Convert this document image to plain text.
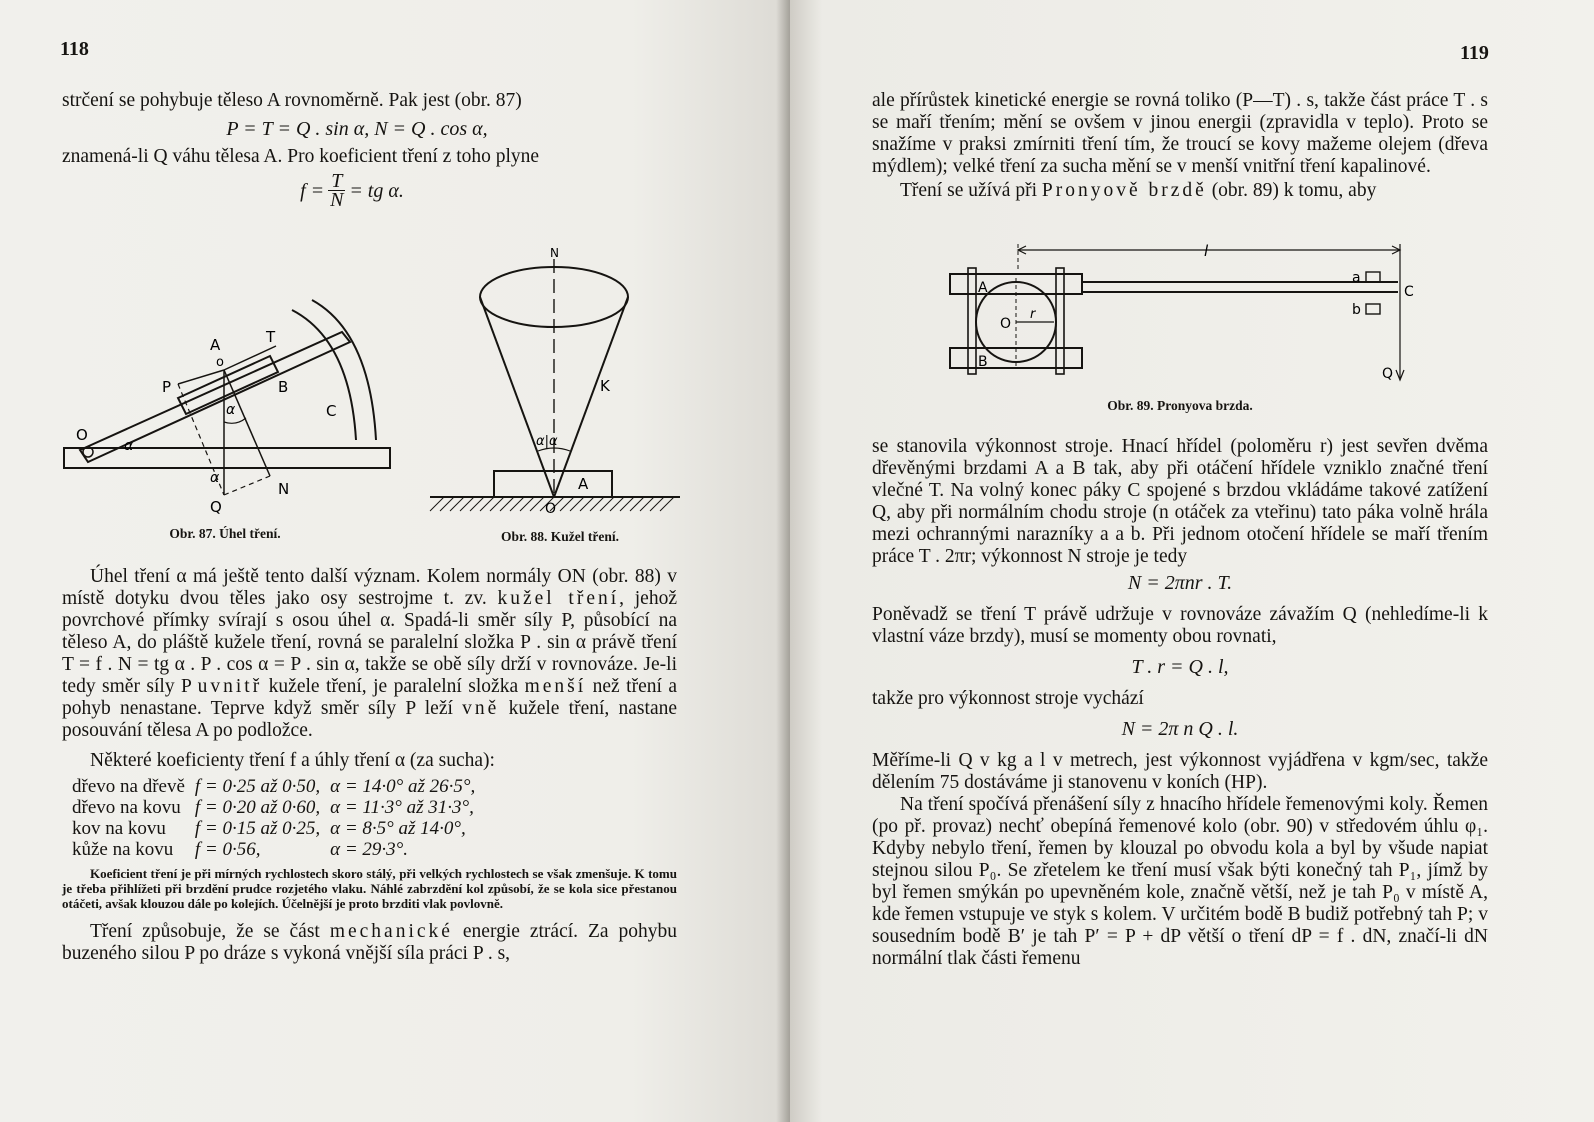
118

strčení se pohybuje těleso A rovnoměrně. Pak jest (obr. 87)

P = T = Q . sin α, N = Q . cos α,

znamená-li Q váhu tělesa A. Pro koeficient tření z toho plyne

$f = \frac{T}{N}$ = tg α.
A
o
T
P	B
C
O
α
α
α
Q
N
Obr. 87. Úhel tření.
N
K
α|α
A
O
Obr. 88. Kužel tření.

Úhel tření α má ještě tento další význam. Kolem normály ON (obr. 88) v místě dotyku dvou těles jako osy sestrojme t. zv. kužel tření, jehož povrchové přímky svírají s osou úhel α. Spadá-li směr síly P, působící na těleso A, do pláště kužele tření, rovná se paralelní složka P . sin α právě tření T = f . N = tg α . P . cos α = P . sin α, takže se obě síly drží v rovnováze. Je-li tedy směr síly P uvnitř kužele tření, je paralelní složka menší než tření a pohyb nenastane. Teprve když směr síly P leží vně kužele tření, nastane posouvání tělesa A po podložce.

Některé koeficienty tření f a úhly tření α (za sucha):

dřevo na dřevě	f = 0·25 až 0·50,	α = 14·0° až 26·5°,
dřevo na kovu	f = 0·20 až 0·60,	α = 11·3° až 31·3°,
kov na kovu	f = 0·15 až 0·25,	α = 8·5° až 14·0°,
kůže na kovu	f = 0·56,	α = 29·3°.

Koeficient tření je při mírných rychlostech skoro stálý, při velkých rychlostech se však zmenšuje. K tomu je třeba přihlížeti při brzdění prudce rozjetého vlaku. Náhlé zabrzdění kol způsobí, že se kola sice přestanou otáčeti, avšak klouzou dále po kolejích. Účelnější je proto brzditi vlak povlovně.

Tření způsobuje, že se část mechanické energie ztrácí. Za pohybu buzeného silou P po dráze s vykoná vnější síla práci P . s,

119

ale přírůstek kinetické energie se rovná toliko (P—T) . s, takže část práce T . s se maří třením; mění se ovšem v jinou energii (zpravidla v teplo). Proto se snažíme v praksi zmírniti tření tím, že troucí se kovy mažeme olejem (dřeva mýdlem); velké tření za sucha mění se v menší vnitřní tření kapalinové.

Tření se užívá při Pronyově brzdě (obr. 89) k tomu, aby

l
A
B
O
r
a
b
C
Q
Obr. 89. Pronyova brzda.

se stanovila výkonnost stroje. Hnací hřídel (poloměru r) jest sevřen dvěma dřevěnými brzdami A a B tak, aby při otáčení hřídele vzniklo značné tření vlečné T. Na volný konec páky C spojené s brzdou vkládáme takové zatížení Q, aby při normálním chodu stroje (n otáček za vteřinu) tato páka volně hrála mezi ochrannými narazníky a a b. Při jednom otočení hřídele se maří třením práce T . 2πr; výkonnost N stroje je tedy

N = 2πnr . T.

Poněvadž se tření T právě udržuje v rovnováze závažím Q (nehledíme-li k vlastní váze brzdy), musí se momenty obou rovnati,

T . r = Q . l,

takže pro výkonnost stroje vychází

N = 2π n Q . l.

Měříme-li Q v kg a l v metrech, jest výkonnost vyjádřena v kgm/sec, takže dělením 75 dostáváme ji stanovenu v koních (HP).

Na tření spočívá přenášení síly z hnacího hřídele řemenovými koly. Řemen (po př. provaz) nechť obepíná řemenové kolo (obr. 90) v středovém úhlu φ₁. Kdyby nebylo tření, řemen by klouzal po obvodu kola a byl by všude napiat stejnou silou P₀. Se zřetelem ke tření musí však býti konečný tah P₁, jímž by byl řemen smýkán po upevněném kole, značně větší, než je tah P₀ v místě A, kde řemen vstupuje ve styk s kolem. V určitém bodě B budiž potřebný tah P; v sousedním bodě B′ je tah P′ = P + dP větší o tření dP = f . dN, značí-li dN normální tlak části řemenu
